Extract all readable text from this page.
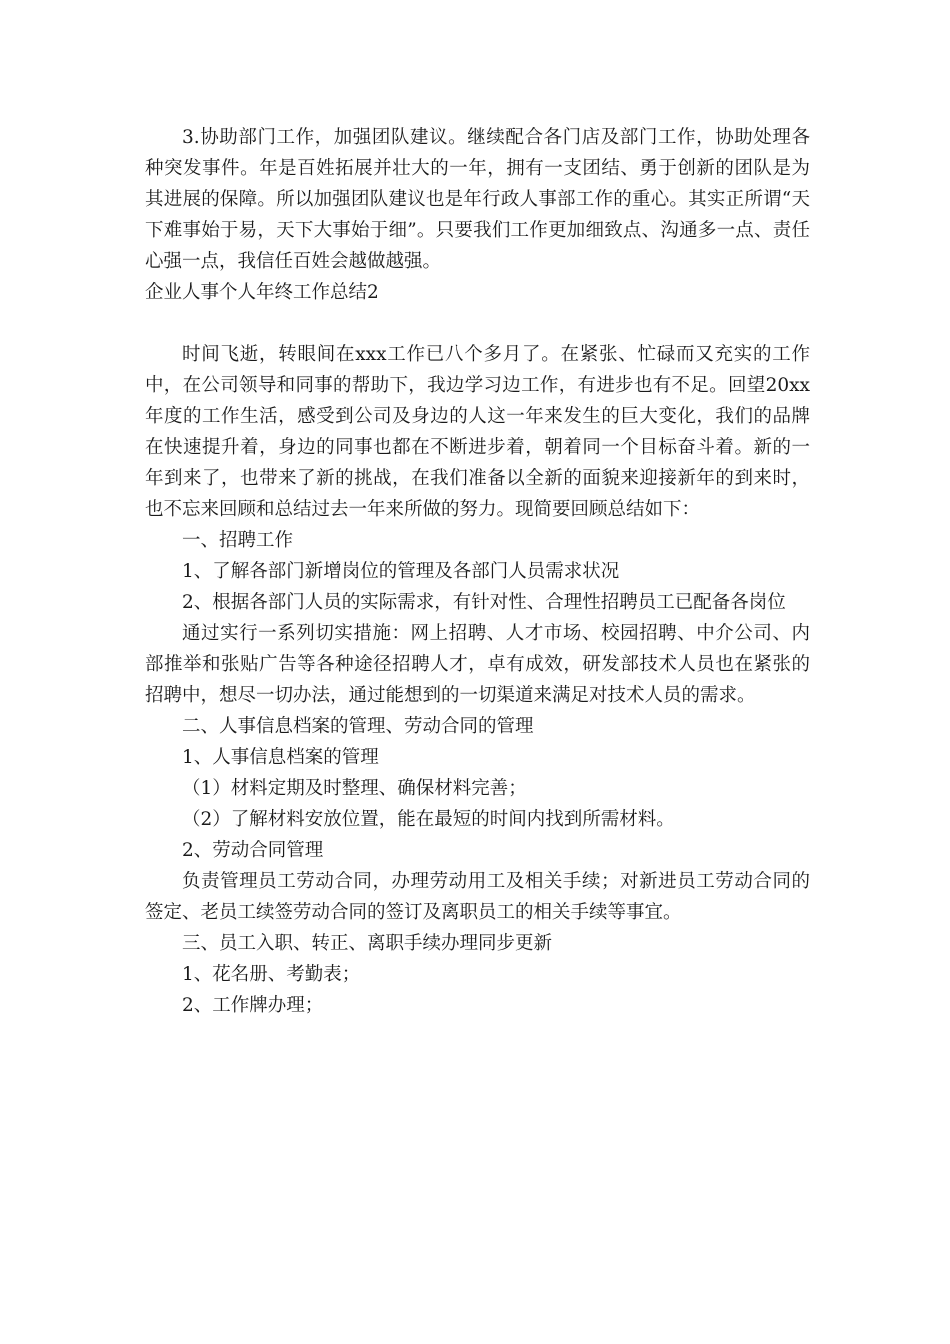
3.协助部门工作，加强团队建议。继续配合各门店及部门工作，协助处理各种突发事件。年是百姓拓展并壮大的一年，拥有一支团结、勇于创新的团队是为其进展的保障。所以加强团队建议也是年行政人事部工作的重心。其实正所谓“天下难事始于易，天下大事始于细”。只要我们工作更加细致点、沟通多一点、责任心强一点，我信任百姓会越做越强。

企业人事个人年终工作总结2

时间飞逝，转眼间在xxx工作已八个多月了。在紧张、忙碌而又充实的工作中，在公司领导和同事的帮助下，我边学习边工作，有进步也有不足。回望20xx年度的工作生活，感受到公司及身边的人这一年来发生的巨大变化，我们的品牌在快速提升着，身边的同事也都在不断进步着，朝着同一个目标奋斗着。新的一年到来了，也带来了新的挑战，在我们准备以全新的面貌来迎接新年的到来时，也不忘来回顾和总结过去一年来所做的努力。现简要回顾总结如下：

一、招聘工作

1、了解各部门新增岗位的管理及各部门人员需求状况

2、根据各部门人员的实际需求，有针对性、合理性招聘员工已配备各岗位

通过实行一系列切实措施：网上招聘、人才市场、校园招聘、中介公司、内部推举和张贴广告等各种途径招聘人才，卓有成效，研发部技术人员也在紧张的招聘中，想尽一切办法，通过能想到的一切渠道来满足对技术人员的需求。

二、人事信息档案的管理、劳动合同的管理

1、人事信息档案的管理

（1）材料定期及时整理、确保材料完善；

（2）了解材料安放位置，能在最短的时间内找到所需材料。

2、劳动合同管理

负责管理员工劳动合同，办理劳动用工及相关手续；对新进员工劳动合同的签定、老员工续签劳动合同的签订及离职员工的相关手续等事宜。

三、员工入职、转正、离职手续办理同步更新

1、花名册、考勤表；

2、工作牌办理；
